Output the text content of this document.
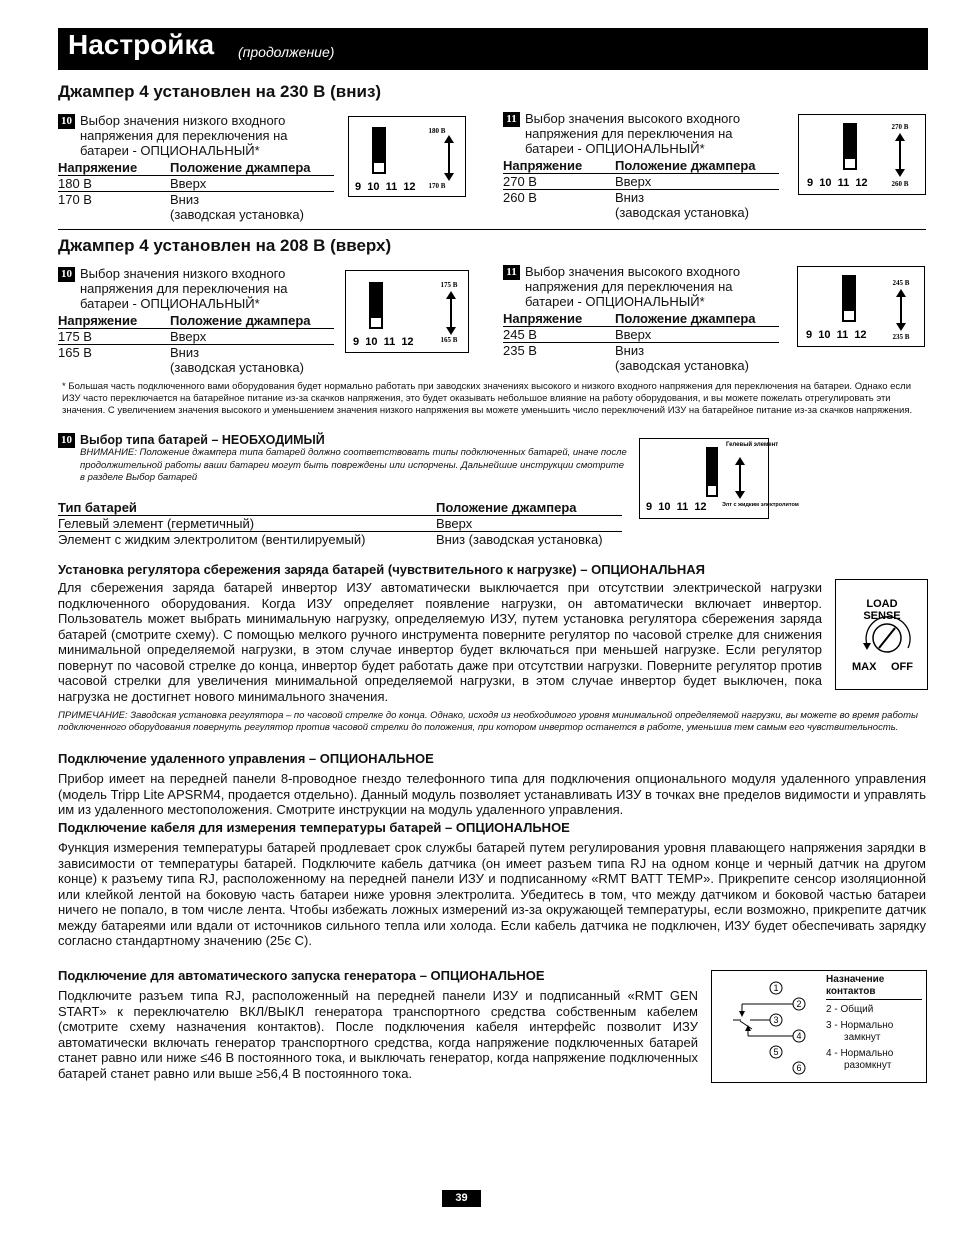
Настройка (продолжение)
Джампер 4 установлен на 230 В (вниз)
10 Выбор значения низкого входного напряжения для переключения на батареи - ОПЦИОНАЛЬНЫЙ*
Напряжение	Положение джампера
180 В	Вверх
170 В	Вниз
(заводская установка)
180 В
170 В
9  10  11  12
11 Выбор значения высокого входного напряжения для переключения на батареи - ОПЦИОНАЛЬНЫЙ*
Напряжение	Положение джампера
270 В	Вверх
260 В	Вниз
(заводская установка)
270 В
260 В
9  10  11  12
Джампер 4 установлен на 208 В (вверх)
10 Выбор значения низкого входного напряжения для переключения на батареи - ОПЦИОНАЛЬНЫЙ*
Напряжение	Положение джампера
175 В	Вверх
165 В	Вниз
(заводская установка)
175 В
165 В
9  10  11  12
11 Выбор значения высокого входного напряжения для переключения на батареи - ОПЦИОНАЛЬНЫЙ*
Напряжение	Положение джампера
245 В	Вверх
235 В	Вниз
(заводская установка)
245 В
235 В
9  10  11  12
* Большая часть подключенного вами оборудования будет нормально работать при заводских значениях высокого и низкого входного напряжения для переключения на батареи. Однако если ИЗУ часто переключается на батарейное питание из-за скачков напряжения, это будет оказывать небольшое влияние на работу оборудования, и вы можете пожелать отрегулировать эти значения. С увеличением значения высокого и уменьшением значения низкого напряжения вы можете уменьшить число переключений ИЗУ на батарейное питание из-за скачков напряжения.
10 Выбор типа батарей – НЕОБХОДИМЫЙ
ВНИМАНИЕ: Положение джампера типа батарей должно соответствовать типы подключенных батарей, иначе после продолжительной работы ваши батареи могут быть повреждены или испорчены. Дальнейшие инструкции смотрите в разделе Выбор батарей
Тип батарей	Положение джампера
Гелевый элемент (герметичный)	Вверх
Элемент с жидким электролитом (вентилируемый)	Вниз (заводская установка)
Гелевый элемент
Элт с жидким электролитом
9  10  11  12
Установка регулятора сбережения заряда батарей (чувствительного к нагрузке) – ОПЦИОНАЛЬНАЯ
Для сбережения заряда батарей инвертор ИЗУ автоматически выключается при отсутствии электрической нагрузки подключенного оборудования. Когда ИЗУ определяет появление нагрузки, он автоматически включает инвертор. Пользователь может выбрать минимальную нагрузку, определяемую ИЗУ, путем установка регулятора сбережения заряда батарей (смотрите схему). С помощью мелкого ручного инструмента поверните регулятор по часовой стрелке для снижения минимальной определяемой нагрузки, в этом случае инвертор будет включаться при меньшей нагрузке. Если регулятор повернут по часовой стрелке до конца, инвертор будет работать даже при отсутствии нагрузки. Поверните регулятор против часовой стрелки для увеличения минимальной определяемой нагрузки, в этом случае инвертор будет выключен, пока нагрузка не достигнет нового минимального значения.
ПРИМЕЧАНИЕ: Заводская установка регулятора – по часовой стрелке до конца. Однако, исходя из необходимого уровня минимальной определяемой нагрузки, вы можете во время работы подключенного оборудования повернуть регулятор против часовой стрелки до положения, при котором инвертор останется в работе, уменьшив тем самым его чувствительность.
LOAD
SENSE
MAX OFF
Подключение удаленного управления – ОПЦИОНАЛЬНОЕ
Прибор имеет на передней панели 8-проводное гнездо телефонного типа для подключения опционального модуля удаленного управления (модель Tripp Lite APSRM4, продается отдельно). Данный модуль позволяет устанавливать ИЗУ в точках вне пределов видимости и управлять им из удаленного местоположения. Смотрите инструкции на модуль удаленного управления.
Подключение кабеля для измерения температуры батарей – ОПЦИОНАЛЬНОЕ
Функция измерения температуры батарей продлевает срок службы батарей путем регулирования уровня плавающего напряжения зарядки в зависимости от температуры батарей. Подключите кабель датчика (он имеет разъем типа RJ на одном конце и черный датчик на другом конце) к разъему типа RJ, расположенному на передней панели ИЗУ и подписанному «RMT BATT TEMP». Прикрепите сенсор изоляционной или клейкой лентой на боковую часть батареи ниже уровня электролита. Убедитесь в том, что между датчиком и боковой частью батареи ничего не попало, в том числе лента. Чтобы избежать ложных измерений из-за окружающей температуры, если возможно, прикрепите датчик между батареями или вдали от источников сильного тепла или холода. Если кабель датчика не подключен, ИЗУ будет обеспечивать зарядку согласно стандартному значению (25є C).
Подключение для автоматического запуска генератора – ОПЦИОНАЛЬНОЕ
Подключите разъем типа RJ, расположенный на передней панели ИЗУ и подписанный «RMT GEN START» к переключателю ВКЛ/ВЫКЛ генератора транспортного средства собственным кабелем (смотрите схему назначения контактов). После подключения кабеля интерфейс позволит ИЗУ автоматически включать генератор транспортного средства, когда напряжение подключенных батарей станет равно или ниже ≤46 В постоянного тока, и выключать генератор, когда напряжение подключенных батарей станет равно или выше ≥56,4 В постоянного тока.
1
2
3
4
5
6
Назначение контактов
2 - Общий
3 - Нормально замкнут
4 - Нормально разомкнут
39
